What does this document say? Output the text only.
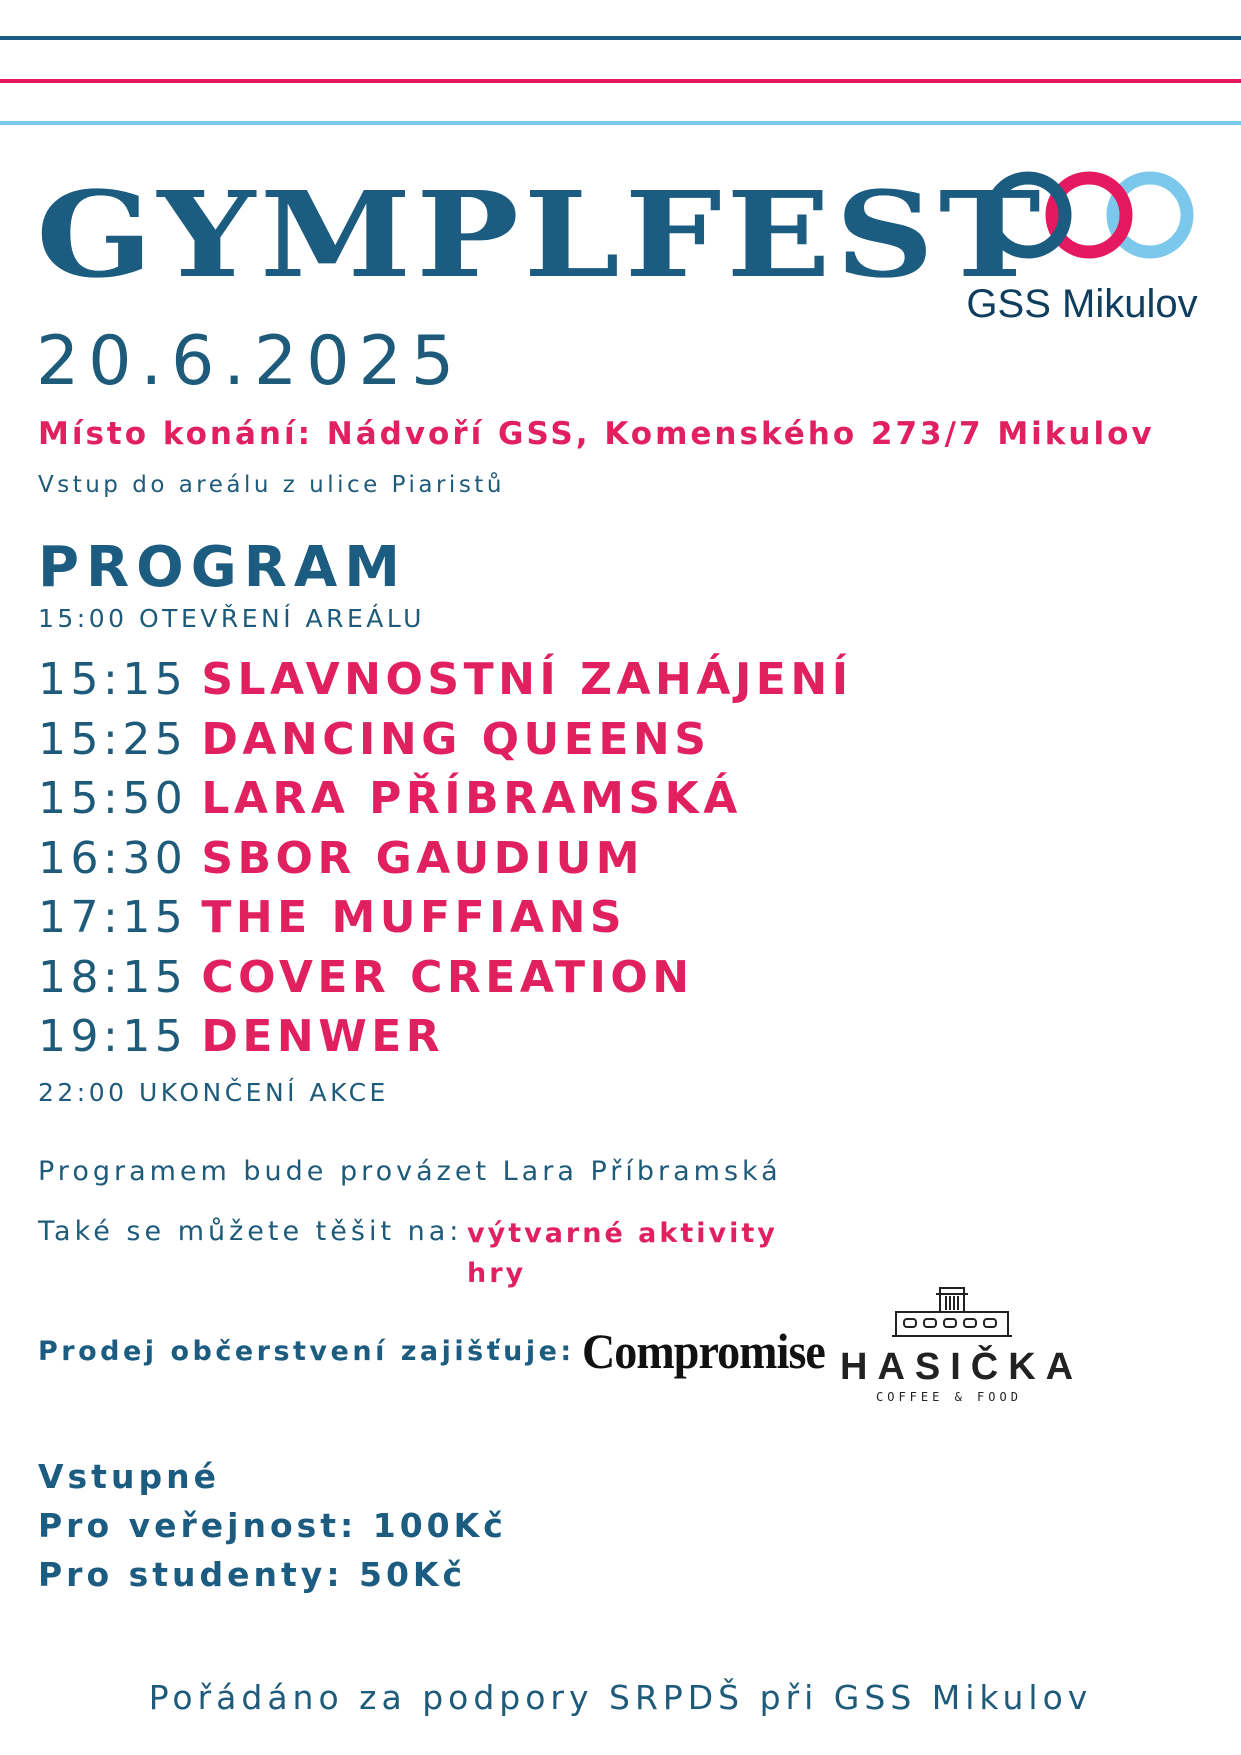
GYMPLFEST
20.6.2025
GSS Mikulov
Místo konání: Nádvoří GSS, Komenského 273/7 Mikulov
Vstup do areálu z ulice Piaristů
PROGRAM
15:00 OTEVŘENÍ AREÁLU
15:15 SLAVNOSTNÍ ZAHÁJENÍ
15:25 DANCING QUEENS
15:50 LARA PŘÍBRAMSKÁ
16:30 SBOR GAUDIUM
17:15 THE MUFFIANS
18:15 COVER CREATION
19:15 DENWER
22:00 UKONČENÍ AKCE
Programem bude provázet Lara Příbramská
Také se můžete těšit na: výtvarné aktivity
hry
Prodej občerstvení zajišťuje: Compromise HASIČKA
COFFEE & FOOD
Vstupné
Pro veřejnost: 100Kč
Pro studenty: 50Kč
Pořádáno za podpory SRPDŠ při GSS Mikulov
